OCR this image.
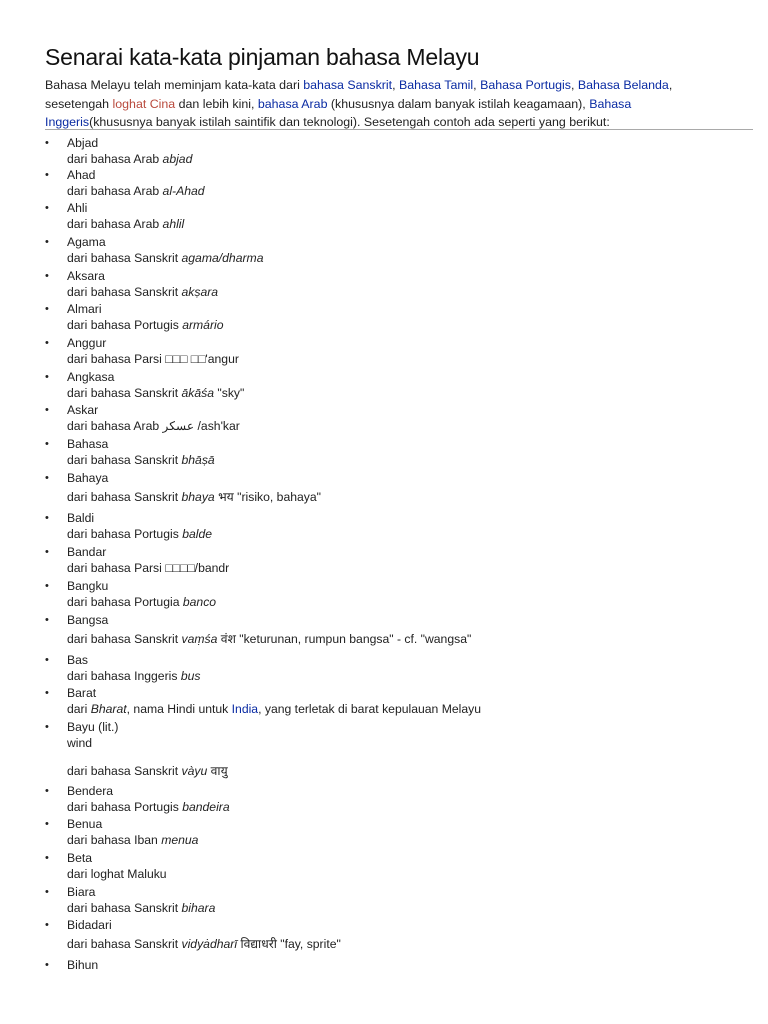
Senarai kata-kata pinjaman bahasa Melayu

Bahasa Melayu telah meminjam kata-kata dari bahasa Sanskrit, Bahasa Tamil, Bahasa Portugis, Bahasa Belanda, sesetengah loghat Cina dan lebih kini, bahasa Arab (khususnya dalam banyak istilah keagamaan), Bahasa Inggeris(khususnya banyak istilah saintifik dan teknologi). Sesetengah contoh ada seperti yang berikut:

•	Abjad
dari bahasa Arab abjad
•	Ahad
dari bahasa Arab al-Ahad
•	Ahli
dari bahasa Arab ahlil
•	Agama
dari bahasa Sanskrit agama/dharma
•	Aksara
dari bahasa Sanskrit akṣara
•	Almari
dari bahasa Portugis armário
•	Anggur
dari bahasa Parsi □□□ □□'angur
•	Angkasa
dari bahasa Sanskrit ākāśa "sky"
•	Askar
dari bahasa Arab عسكر /ash'kar
•	Bahasa
dari bahasa Sanskrit bhāṣā
•	Bahaya
dari bahasa Sanskrit bhaya भय "risiko, bahaya"
•	Baldi
dari bahasa Portugis balde
•	Bandar
dari bahasa Parsi □□□□/bandr
•	Bangku
dari bahasa Portugia banco
•	Bangsa
dari bahasa Sanskrit vaṃśa वंश "keturunan, rumpun bangsa" - cf. "wangsa"
•	Bas
dari bahasa Inggeris bus
•	Barat
dari Bharat, nama Hindi untuk India, yang terletak di barat kepulauan Melayu
•	Bayu (lit.)
wind
dari bahasa Sanskrit vàyu वायु
•	Bendera
dari bahasa Portugis bandeira
•	Benua
dari bahasa Iban menua
•	Beta
dari loghat Maluku
•	Biara
dari bahasa Sanskrit bihara
•	Bidadari
dari bahasa Sanskrit vidyȧdharī विद्याधरी "fay, sprite"
•	Bihun
